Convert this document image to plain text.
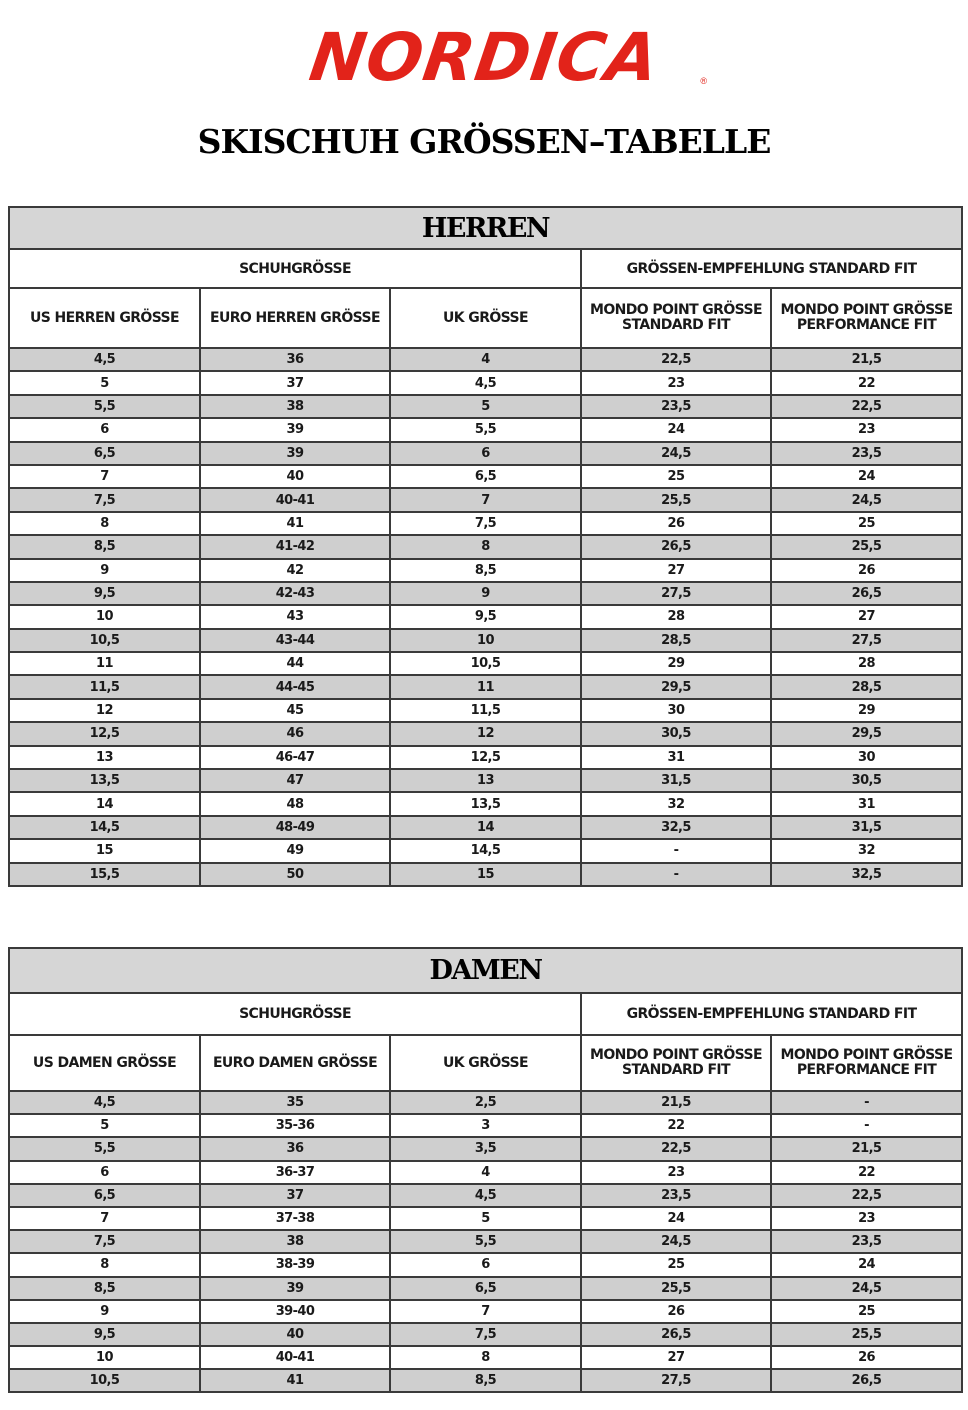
NORDICA	®
SKISCHUH GRÖSSEN–TABELLE
HERREN				
SCHUHGRÖSSE			GRÖSSEN-EMPFEHLUNG STANDARD FIT	
US HERREN GRÖSSE	EURO HERREN GRÖSSE	UK GRÖSSE	MONDO POINT GRÖSSE STANDARD FIT	MONDO POINT GRÖSSE PERFORMANCE FIT
4,5	36	4	22,5	21,5
5	37	4,5	23	22
5,5	38	5	23,5	22,5
6	39	5,5	24	23
6,5	39	6	24,5	23,5
7	40	6,5	25	24
7,5	40-41	7	25,5	24,5
8	41	7,5	26	25
8,5	41-42	8	26,5	25,5
9	42	8,5	27	26
9,5	42-43	9	27,5	26,5
10	43	9,5	28	27
10,5	43-44	10	28,5	27,5
11	44	10,5	29	28
11,5	44-45	11	29,5	28,5
12	45	11,5	30	29
12,5	46	12	30,5	29,5
13	46-47	12,5	31	30
13,5	47	13	31,5	30,5
14	48	13,5	32	31
14,5	48-49	14	32,5	31,5
15	49	14,5	-	32
15,5	50	15	-	32,5
DAMEN				
SCHUHGRÖSSE			GRÖSSEN-EMPFEHLUNG STANDARD FIT	
US DAMEN GRÖSSE	EURO DAMEN GRÖSSE	UK GRÖSSE	MONDO POINT GRÖSSE STANDARD FIT	MONDO POINT GRÖSSE PERFORMANCE FIT
4,5	35	2,5	21,5	-
5	35-36	3	22	-
5,5	36	3,5	22,5	21,5
6	36-37	4	23	22
6,5	37	4,5	23,5	22,5
7	37-38	5	24	23
7,5	38	5,5	24,5	23,5
8	38-39	6	25	24
8,5	39	6,5	25,5	24,5
9	39-40	7	26	25
9,5	40	7,5	26,5	25,5
10	40-41	8	27	26
10,5	41	8,5	27,5	26,5
